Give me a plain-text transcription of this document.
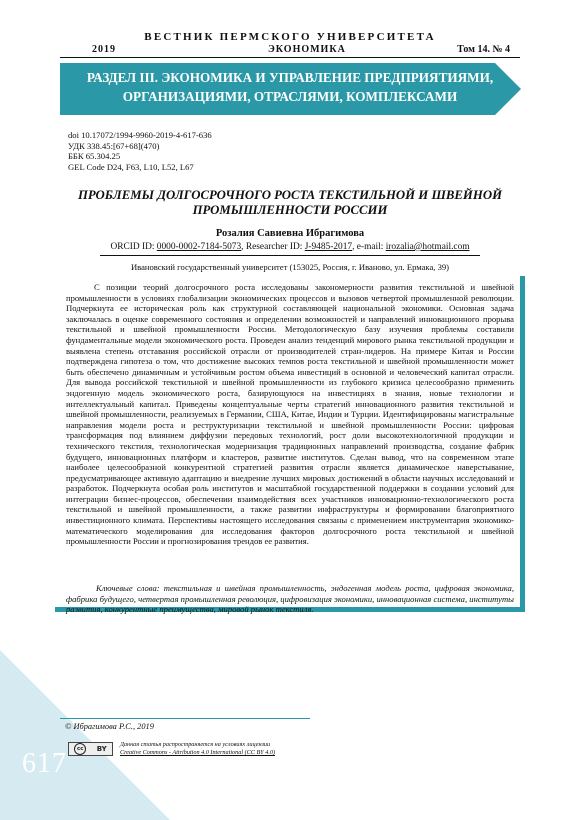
617
ВЕСТНИК ПЕРМСКОГО УНИВЕРСИТЕТА
2019	ЭКОНОМИКА	Том 14. № 4
РАЗДЕЛ III. ЭКОНОМИКА И УПРАВЛЕНИЕ ПРЕДПРИЯТИЯМИ,
ОРГАНИЗАЦИЯМИ, ОТРАСЛЯМИ, КОМПЛЕКСАМИ
doi 10.17072/1994-9960-2019-4-617-636
УДК 338.45:[67+68](470)
ББК 65.304.25
GEL Code D24, F63, L10, L52, L67
ПРОБЛЕМЫ ДОЛГОСРОЧНОГО РОСТА ТЕКСТИЛЬНОЙ И ШВЕЙНОЙ
ПРОМЫШЛЕННОСТИ РОССИИ
Розалия Савиевна Ибрагимова
ORCID ID: 0000-0002-7184-5073, Researcher ID: J-9485-2017, e-mail: irozalia@hotmail.com
Ивановский государственный университет (153025, Россия, г. Иваново, ул. Ермака, 39)
С позиции теорий долгосрочного роста исследованы закономерности развития текстильной и швейной промышленности в условиях глобализации экономических процессов и вызовов четвертой промышленной революции. Подчеркнута ее историческая роль как структурной составляющей национальной экономики. Основная задача заключалась в оценке современного состояния и определении возможностей и направлений инновационного прорыва текстильной и швейной промышленности России. Методологическую базу изучения проблемы составили фундаментальные модели экономического роста. Проведен анализ тенденций мирового рынка текстильной продукции и выявлена степень отставания российской отрасли от производителей стран-лидеров. На примере Китая и России подтверждена гипотеза о том, что достижение высоких темпов роста текстильной и швейной промышленности может быть обеспечено динамичным и устойчивым ростом объема инвестиций в основной и человеческий капитал отрасли. Для вывода российской текстильной и швейной промышленности из глубокого кризиса целесообразно применить эндогенную модель экономического роста, базирующуюся на инвестициях в знания, новые технологии и интеллектуальный капитал. Приведены концептуальные черты стратегий инновационного развития текстильной и швейной промышленности, реализуемых в Германии, США, Китае, Индии и Турции. Идентифицированы магистральные направления модели роста и реструктуризации текстильной и швейной промышленности России: цифровая трансформация под влиянием диффузии передовых технологий, рост доли высокотехнологичной продукции и технического текстиля, технологическая модернизация традиционных направлений производства, создание фабрик будущего, инновационных платформ и кластеров, развитие институтов. Сделан вывод, что на современном этапе наиболее целесообразной конкурентной стратегией развития отрасли является динамическое наверстывание, предусматривающее активную адаптацию и внедрение лучших мировых достижений в области научных исследований и разработок. Подчеркнута особая роль институтов и масштабной государственной поддержки в создании условий для интеграции бизнес-процессов, обеспечении взаимодействия всех участников инновационно-технологического роста текстильной и швейной промышленности, а также развитии инфраструктуры и формировании благоприятного инвестиционного климата. Перспективы настоящего исследования связаны с применением инструментария экономико-математического моделирования для исследования факторов долгосрочного роста текстильной и швейной промышленности России и прогнозирования трендов ее развития.
Ключевые слова: текстильная и швейная промышленность, эндогенная модель роста, цифровая экономика, фабрика будущего, четвертая промышленная революция, цифровизация экономики, инновационная система, институты развития, конкурентные преимущества, мировой рынок текстиля.
© Ибрагимова Р.С., 2019
cc	BY
Данная статья распространяется на условиях лицензии
Creative Commons - Attribution 4.0 International (CC BY 4.0)
